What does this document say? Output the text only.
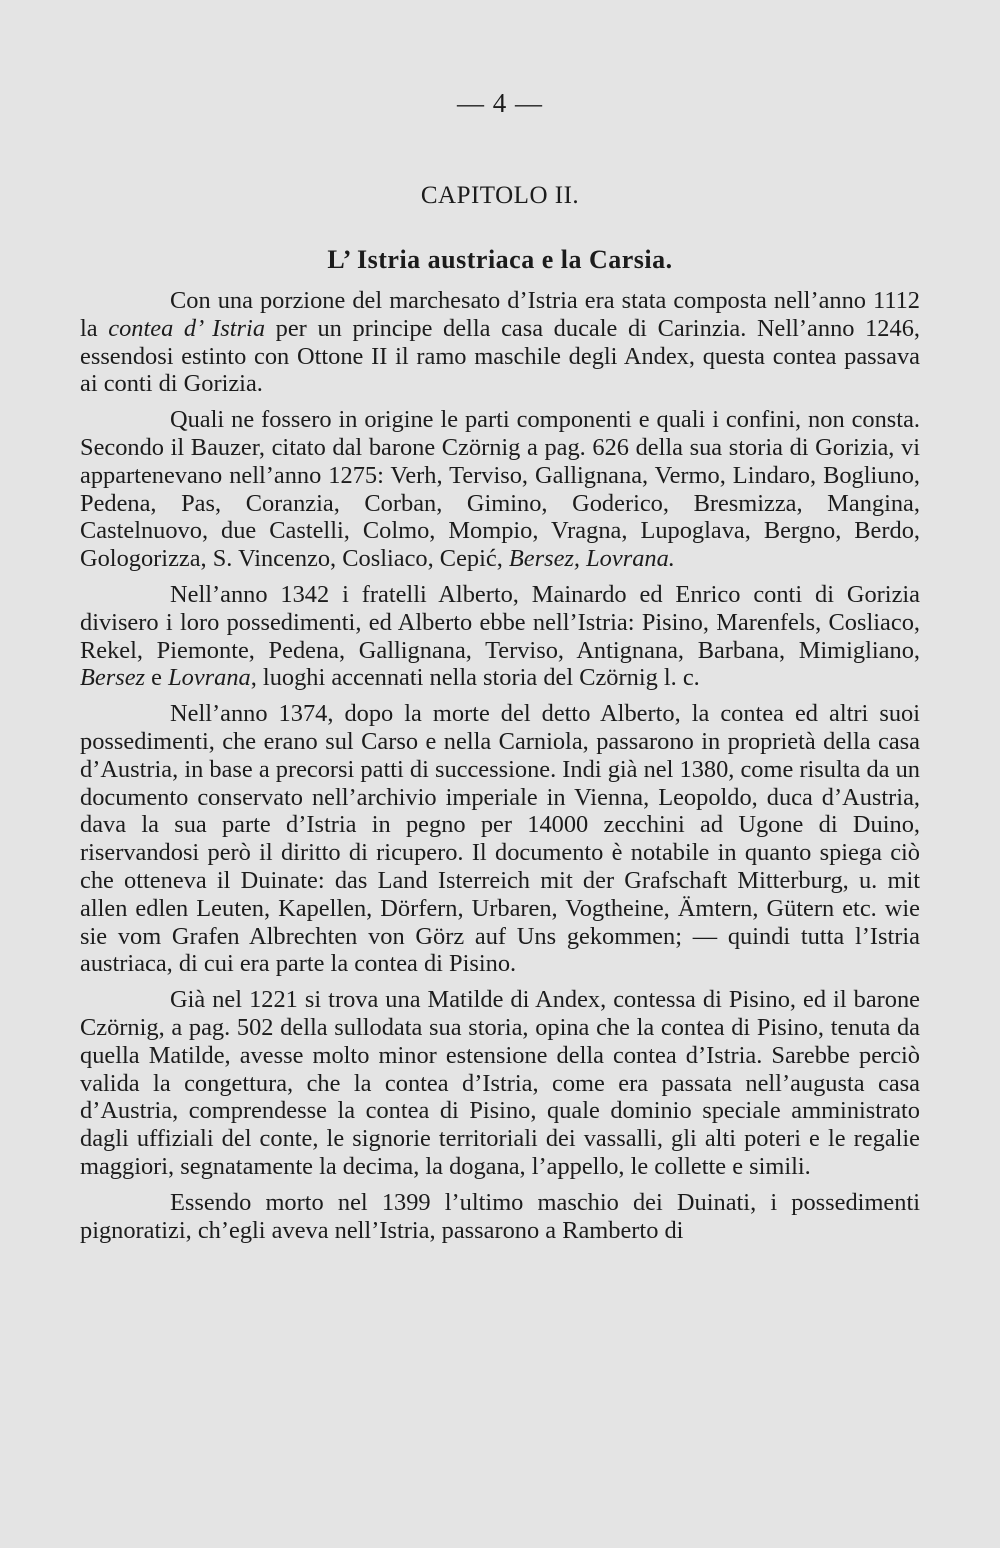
— 4 —
CAPITOLO II.
L’ Istria austriaca e la Carsia.

Con una porzione del marchesato d’Istria era stata composta nell’anno 1112 la contea d’ Istria per un principe della casa ducale di Carinzia. Nell’anno 1246, essendosi estinto con Ottone II il ramo maschile degli Andex, questa contea passava ai conti di Gorizia.

Quali ne fossero in origine le parti componenti e quali i confini, non consta. Secondo il Bauzer, citato dal barone Czörnig a pag. 626 della sua storia di Gorizia, vi appartenevano nell’anno 1275: Verh, Terviso, Gallignana, Vermo, Lindaro, Bogliuno, Pedena, Pas, Coranzia, Corban, Gimino, Goderico, Bresmizza, Mangina, Castelnuovo, due Castelli, Colmo, Mompio, Vragna, Lupoglava, Bergno, Berdo, Gologorizza, S. Vincenzo, Cosliaco, Cepić, Bersez, Lovrana.

Nell’anno 1342 i fratelli Alberto, Mainardo ed Enrico conti di Gorizia divisero i loro possedimenti, ed Alberto ebbe nell’Istria: Pisino, Marenfels, Cosliaco, Rekel, Piemonte, Pedena, Gallignana, Terviso, Antignana, Barbana, Mimigliano, Bersez e Lovrana, luoghi accennati nella storia del Czörnig l. c.

Nell’anno 1374, dopo la morte del detto Alberto, la contea ed altri suoi possedimenti, che erano sul Carso e nella Carniola, passarono in proprietà della casa d’Austria, in base a precorsi patti di successione. Indi già nel 1380, come risulta da un documento conservato nell’archivio imperiale in Vienna, Leopoldo, duca d’Austria, dava la sua parte d’Istria in pegno per 14000 zecchini ad Ugone di Duino, riservandosi però il diritto di ricupero. Il documento è notabile in quanto spiega ciò che otteneva il Duinate: das Land Isterreich mit der Grafschaft Mitterburg, u. mit allen edlen Leuten, Kapellen, Dörfern, Urbaren, Vogtheine, Ämtern, Gütern etc. wie sie vom Grafen Albrechten von Görz auf Uns gekommen; — quindi tutta l’Istria austriaca, di cui era parte la contea di Pisino.

Già nel 1221 si trova una Matilde di Andex, contessa di Pisino, ed il barone Czörnig, a pag. 502 della sullodata sua storia, opina che la contea di Pisino, tenuta da quella Matilde, avesse molto minor estensione della contea d’Istria. Sarebbe perciò valida la congettura, che la contea d’Istria, come era passata nell’augusta casa d’Austria, comprendesse la contea di Pisino, quale dominio speciale amministrato dagli uffiziali del conte, le signorie territoriali dei vassalli, gli alti poteri e le regalie maggiori, segnatamente la decima, la dogana, l’appello, le collette e simili.

Essendo morto nel 1399 l’ultimo maschio dei Duinati, i possedimenti pignoratizi, ch’egli aveva nell’Istria, passarono a Ramberto di
